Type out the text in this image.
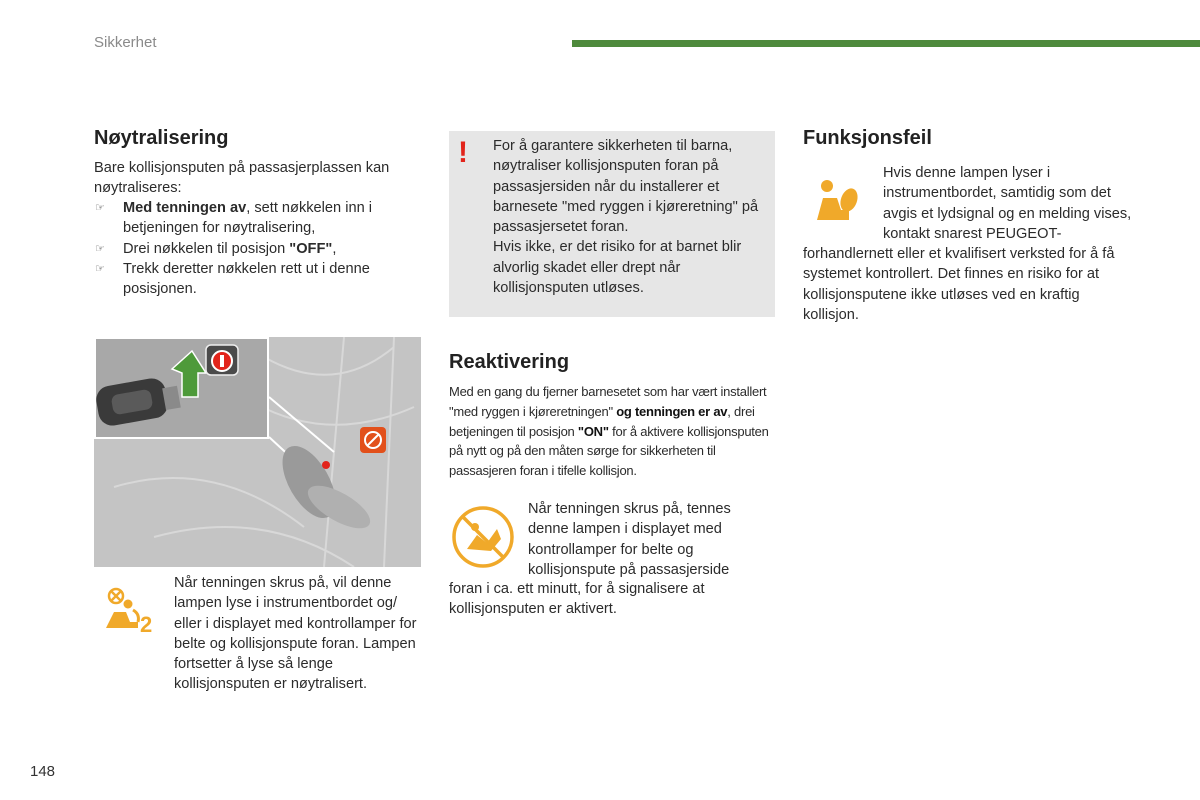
Sikkerhet
Nøytralisering

Bare kollisjonsputen på passasjerplassen kan nøytraliseres:

☞ Med tenningen av, sett nøkkelen inn i betjeningen for nøytralisering,
☞ Drei nøkkelen til posisjon "OFF",
☞ Trekk deretter nøkkelen rett ut i denne posisjonen.
2

Når tenningen skrus på, vil denne lampen lyse i instrumentbordet og/ eller i displayet med kontrollamper for belte og kollisjonspute foran. Lampen fortsetter å lyse så lenge kollisjonsputen er nøytralisert.

! For å garantere sikkerheten til barna, nøytraliser kollisjonsputen foran på passasjersiden når du installerer et barnesete "med ryggen i kjøreretning" på passasjersetet foran.
Hvis ikke, er det risiko for at barnet blir alvorlig skadet eller drept når kollisjonsputen utløses.
Reaktivering

Med en gang du fjerner barnesetet som har vært installert "med ryggen i kjøreretningen" og tenningen er av, drei betjeningen til posisjon "ON" for å aktivere kollisjonsputen på nytt og på den måten sørge for sikkerheten til passasjeren foran i tifelle kollisjon.

Når tenningen skrus på, tennes denne lampen i displayet med kontrollamper for belte og kollisjonspute på passasjerside

foran i ca. ett minutt, for å signalisere at kollisjonsputen er aktivert.

Funksjonsfeil

Hvis denne lampen lyser i instrumentbordet, samtidig som det avgis et lydsignal og en melding vises, kontakt snarest PEUGEOT-

forhandlernett eller et kvalifisert verksted for å få systemet kontrollert. Det finnes en risiko for at kollisjonsputene ikke utløses ved en kraftig kollisjon.

148
